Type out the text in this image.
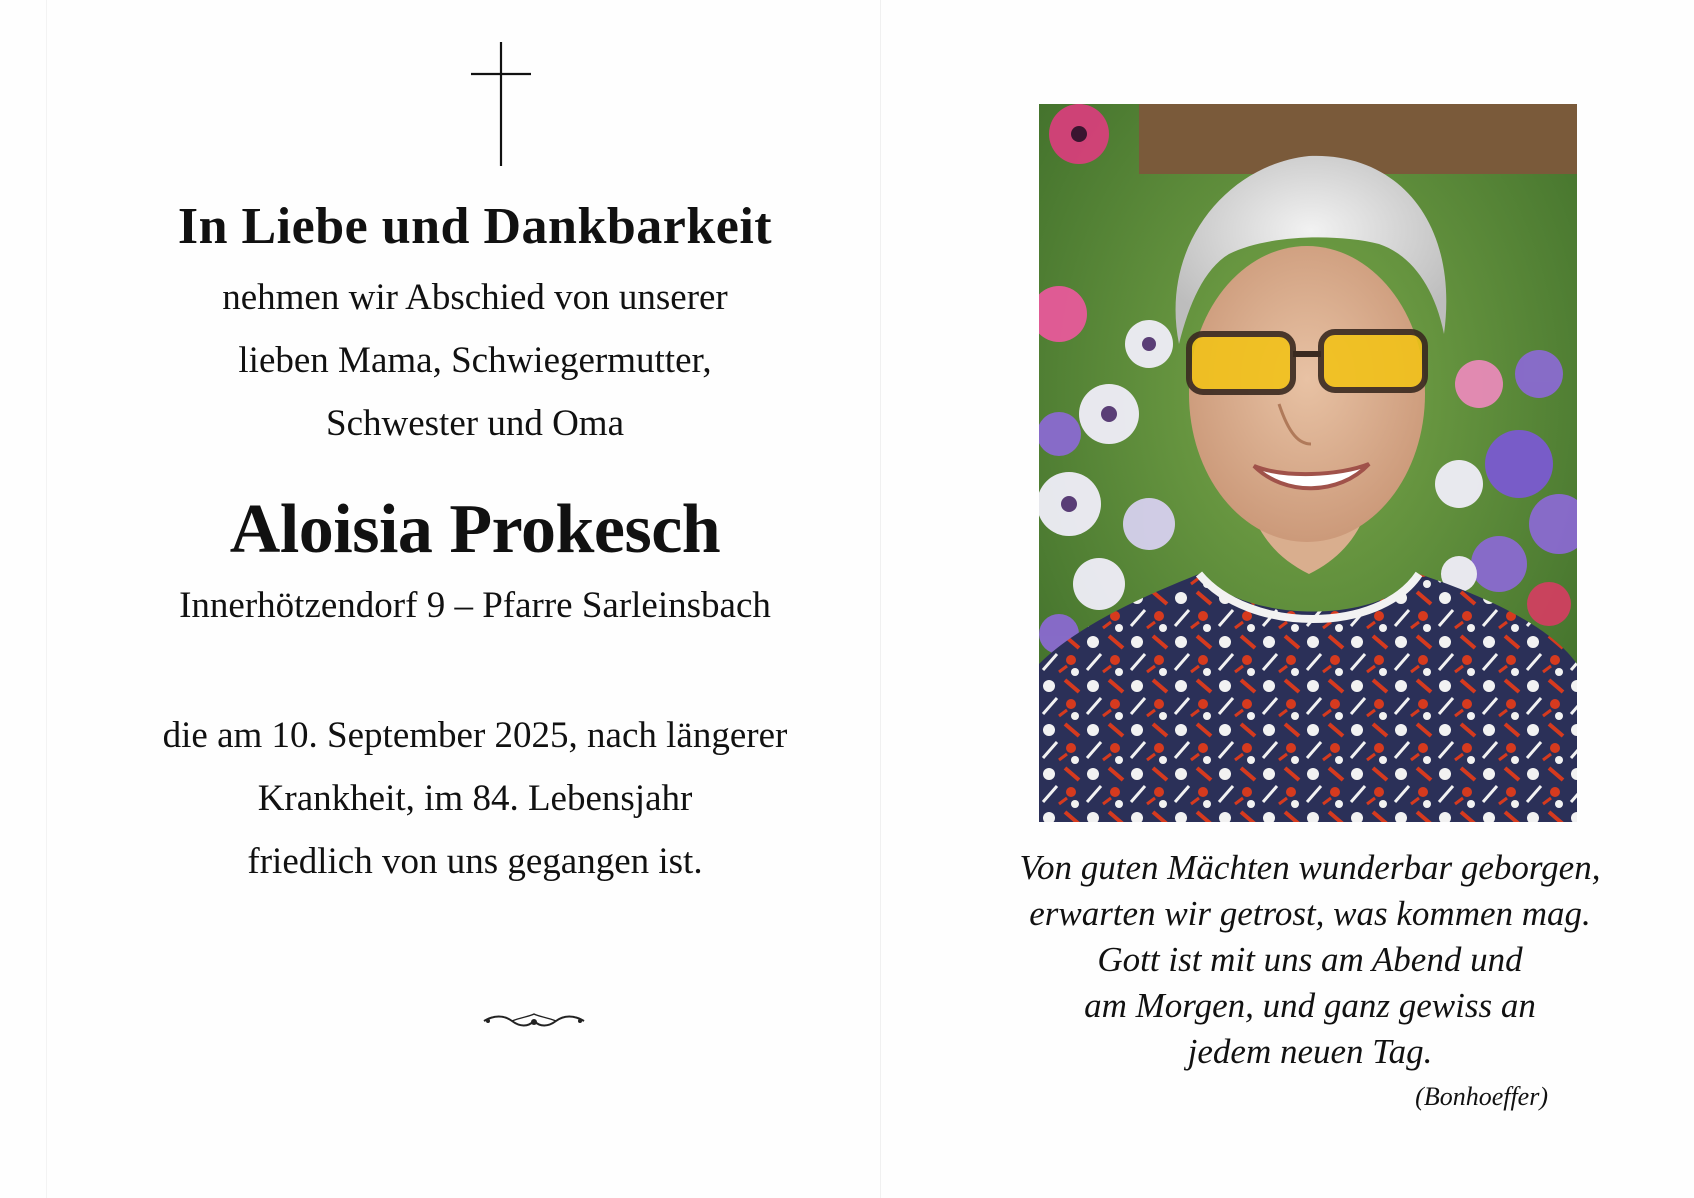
In Liebe und Dankbarkeit
nehmen wir Abschied von unserer
lieben Mama, Schwiegermutter,
Schwester und Oma
Aloisia Prokesch
Innerhötzendorf 9 – Pfarre Sarleinsbach
die am 10. September 2025, nach längerer
Krankheit, im 84. Lebensjahr
friedlich von uns gegangen ist.	Von guten Mächten wunderbar geborgen,
erwarten wir getrost, was kommen mag.
Gott ist mit uns am Abend und
am Morgen, und ganz gewiss an
jedem neuen Tag.
(Bonhoeffer)
